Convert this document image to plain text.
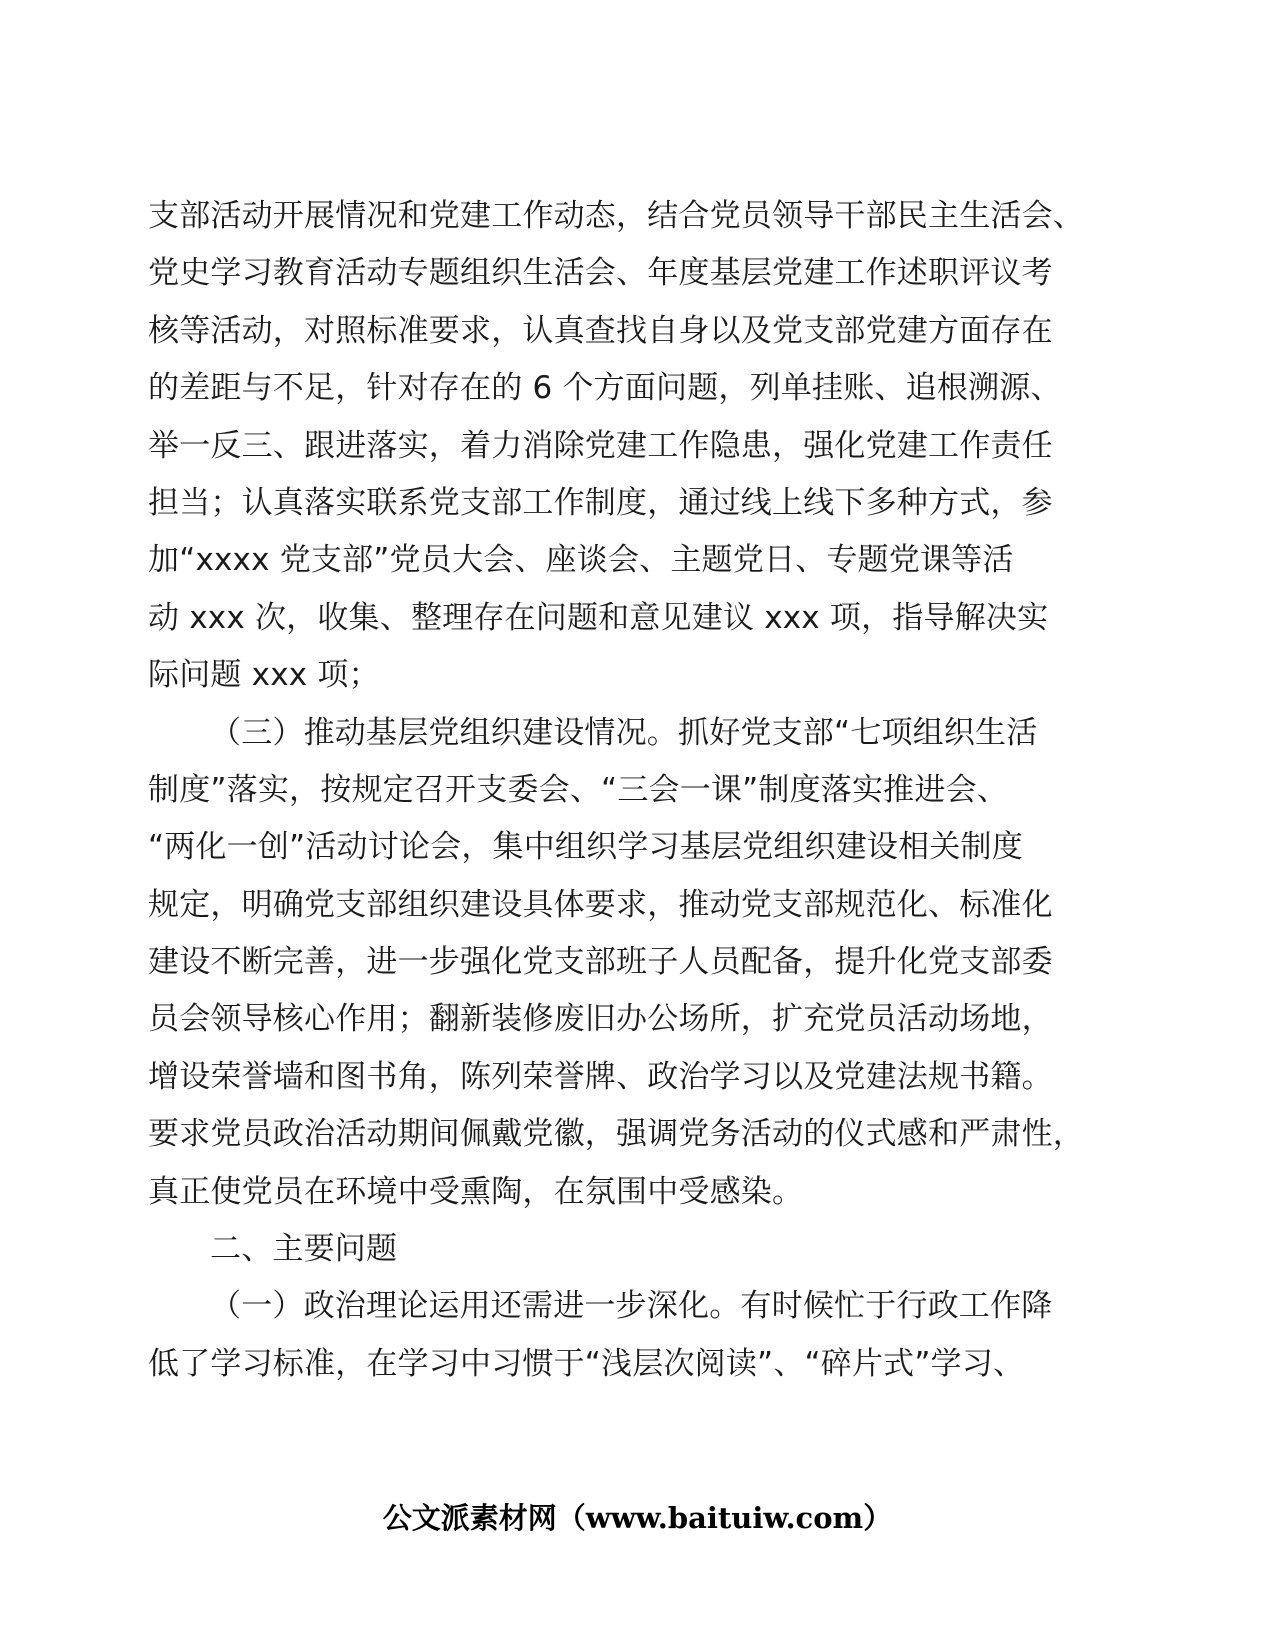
支部活动开展情况和党建工作动态，结合党员领导干部民主生活会、
党史学习教育活动专题组织生活会、年度基层党建工作述职评议考
核等活动，对照标准要求，认真查找自身以及党支部党建方面存在
的差距与不足，针对存在的 6 个方面问题，列单挂账、追根溯源、
举一反三、跟进落实，着力消除党建工作隐患，强化党建工作责任
担当；认真落实联系党支部工作制度，通过线上线下多种方式，参
加“xxxx 党支部”党员大会、座谈会、主题党日、专题党课等活
动 xxx 次，收集、整理存在问题和意见建议 xxx 项，指导解决实
际问题 xxx 项；
（三）推动基层党组织建设情况。抓好党支部“七项组织生活
制度”落实，按规定召开支委会、“三会一课”制度落实推进会、
“两化一创”活动讨论会，集中组织学习基层党组织建设相关制度
规定，明确党支部组织建设具体要求，推动党支部规范化、标准化
建设不断完善，进一步强化党支部班子人员配备，提升化党支部委
员会领导核心作用；翻新装修废旧办公场所，扩充党员活动场地，
增设荣誉墙和图书角，陈列荣誉牌、政治学习以及党建法规书籍。
要求党员政治活动期间佩戴党徽，强调党务活动的仪式感和严肃性，
真正使党员在环境中受熏陶，在氛围中受感染。
二、主要问题
（一）政治理论运用还需进一步深化。有时候忙于行政工作降
低了学习标准，在学习中习惯于“浅层次阅读”、“碎片式”学习、
公文派素材网（www.baituiw.com）
